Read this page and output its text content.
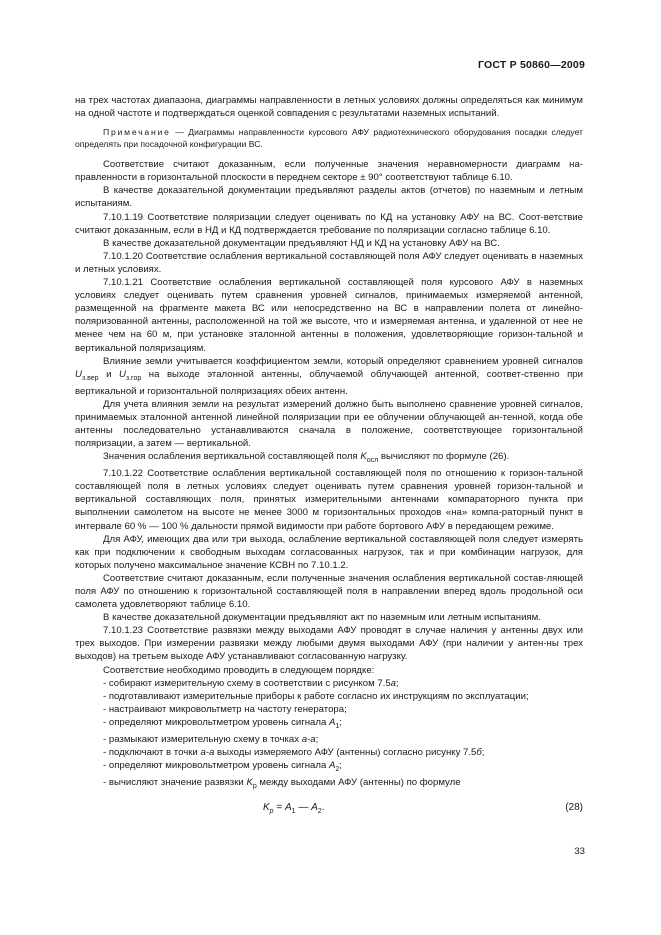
ГОСТ Р 50860—2009

на трех частотах диапазона, диаграммы направленности в летных условиях должны определяться как минимум на одной частоте и подтверждаться оценкой совпадения с результатами наземных испытаний.

Примечание — Диаграммы направленности курсового АФУ радиотехнического оборудования посадки следует определять при посадочной конфигурации ВС.

Соответствие считают доказанным, если полученные значения неравномерности диаграмм на-правленности в горизонтальной плоскости в переднем секторе ± 90° соответствуют таблице 6.10.

В качестве доказательной документации предъявляют разделы актов (отчетов) по наземным и летным испытаниям.

7.10.1.19 Соответствие поляризации следует оценивать по КД на установку АФУ на ВС. Соот-ветствие считают доказанным, если в НД и КД подтверждается требование по поляризации согласно таблице 6.10.

В качестве доказательной документации предъявляют НД и КД на установку АФУ на ВС.

7.10.1.20 Соответствие ослабления вертикальной составляющей поля АФУ следует оценивать в наземных и летных условиях.

7.10.1.21 Соответствие ослабления вертикальной составляющей поля курсового АФУ в наземных условиях следует оценивать путем сравнения уровней сигналов, принимаемых измеряемой антенной, размещенной на фрагменте макета ВС или непосредственно на ВС в направлении полета от линейно-поляризованной антенны, расположенной на той же высоте, что и измеряемая антенна, и удаленной от нее не менее чем на 60 м, при установке эталонной антенны в положения, удовлетворяющие горизон-тальной и вертикальной поляризациям.

Влияние земли учитывается коэффициентом земли, который определяют сравнением уровней сигналов $U_{з.вер}$ и $U_{з.гор}$ на выходе эталонной антенны, облучаемой облучающей антенной, соответ-ственно при вертикальной и горизонтальной поляризациях обеих антенн.

Для учета влияния земли на результат измерений должно быть выполнено сравнение уровней сигналов, принимаемых эталонной антенной линейной поляризации при ее облучении облучающей ан-тенной, когда обе антенны последовательно устанавливаются сначала в положение, соответствующее горизонтальной поляризации, а затем — вертикальной.

Значения ослабления вертикальной составляющей поля $K_{осл}$ вычисляют по формуле (26).

7.10.1.22 Соответствие ослабления вертикальной составляющей поля по отношению к горизон-тальной составляющей поля в летных условиях следует оценивать путем сравнения уровней горизон-тальной и вертикальной составляющих поля, принятых измерительными антеннами компараторного пункта при выполнении самолетом на высоте не менее 3000 м горизонтальных проходов «на» компа-раторный пункт в интервале 60 % — 100 % дальности прямой видимости при работе бортового АФУ в передающем режиме.

Для АФУ, имеющих два или три выхода, ослабление вертикальной составляющей поля следует измерять как при подключении к свободным выходам согласованных нагрузок, так и при комбинации нагрузок, для которых получено максимальное значение КСВН по 7.10.1.2.

Соответствие считают доказанным, если полученные значения ослабления вертикальной состав-ляющей поля АФУ по отношению к горизонтальной составляющей поля в направлении вперед вдоль продольной оси самолета удовлетворяют таблице 6.10.

В качестве доказательной документации предъявляют акт по наземным или летным испытаниям.

7.10.1.23 Соответствие развязки между выходами АФУ проводят в случае наличия у антенны двух или трех выходов. При измерении развязки между любыми двумя выходами АФУ (при наличии у антен-ны трех выходов) на третьем выходе АФУ устанавливают согласованную нагрузку.

Соответствие необходимо проводить в следующем порядке:

- собирают измерительную схему в соответствии с рисунком 7.5а;

- подготавливают измерительные приборы к работе согласно их инструкциям по эксплуатации;

- настраивают микровольтметр на частоту генератора;

- определяют микровольтметром уровень сигнала $A_1$;

- размыкают измерительную схему в точках а-а;

- подключают в точки а-а выходы измеряемого АФУ (антенны) согласно рисунку 7.5б;

- определяют микровольтметром уровень сигнала $A_2$;

- вычисляют значение развязки $K_р$ между выходами АФУ (антенны) по формуле

$K_р = A_1$ — $A_2$.	(28)
33
